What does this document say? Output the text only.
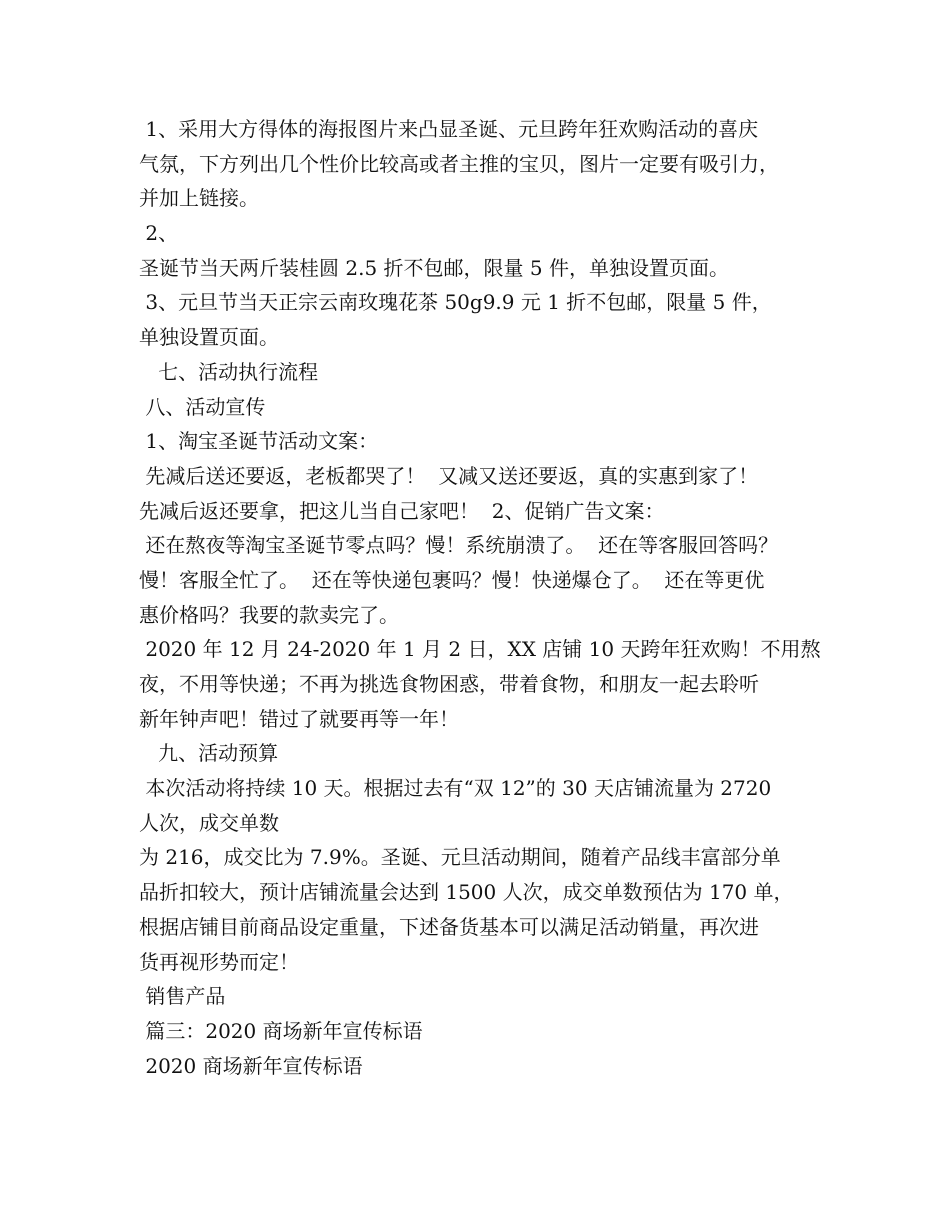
1、采用大方得体的海报图片来凸显圣诞、元旦跨年狂欢购活动的喜庆
气氛，下方列出几个性价比较高或者主推的宝贝，图片一定要有吸引力，
并加上链接。
2、
圣诞节当天两斤装桂圆 2.5 折不包邮，限量 5 件，单独设置页面。
3、元旦节当天正宗云南玫瑰花茶 50g9.9 元 1 折不包邮，限量 5 件，
单独设置页面。
七、活动执行流程
八、活动宣传
1、淘宝圣诞节活动文案：
先减后送还要返，老板都哭了！  又减又送还要返，真的实惠到家了！
先减后返还要拿，把这儿当自己家吧！  2、促销广告文案：
还在熬夜等淘宝圣诞节零点吗？慢！系统崩溃了。  还在等客服回答吗？
慢！客服全忙了。  还在等快递包裹吗？慢！快递爆仓了。  还在等更优
惠价格吗？我要的款卖完了。
2020 年 12 月 24-2020 年 1 月 2 日，XX 店铺 10 天跨年狂欢购！不用熬
夜，不用等快递；不再为挑选食物困惑，带着食物，和朋友一起去聆听
新年钟声吧！错过了就要再等一年！
九、活动预算
本次活动将持续 10 天。根据过去有“双 12”的 30 天店铺流量为 2720
人次，成交单数
为 216，成交比为 7.9%。圣诞、元旦活动期间，随着产品线丰富部分单
品折扣较大，预计店铺流量会达到 1500 人次，成交单数预估为 170 单，
根据店铺目前商品设定重量，下述备货基本可以满足活动销量，再次进
货再视形势而定！
销售产品
篇三：2020 商场新年宣传标语
2020 商场新年宣传标语
